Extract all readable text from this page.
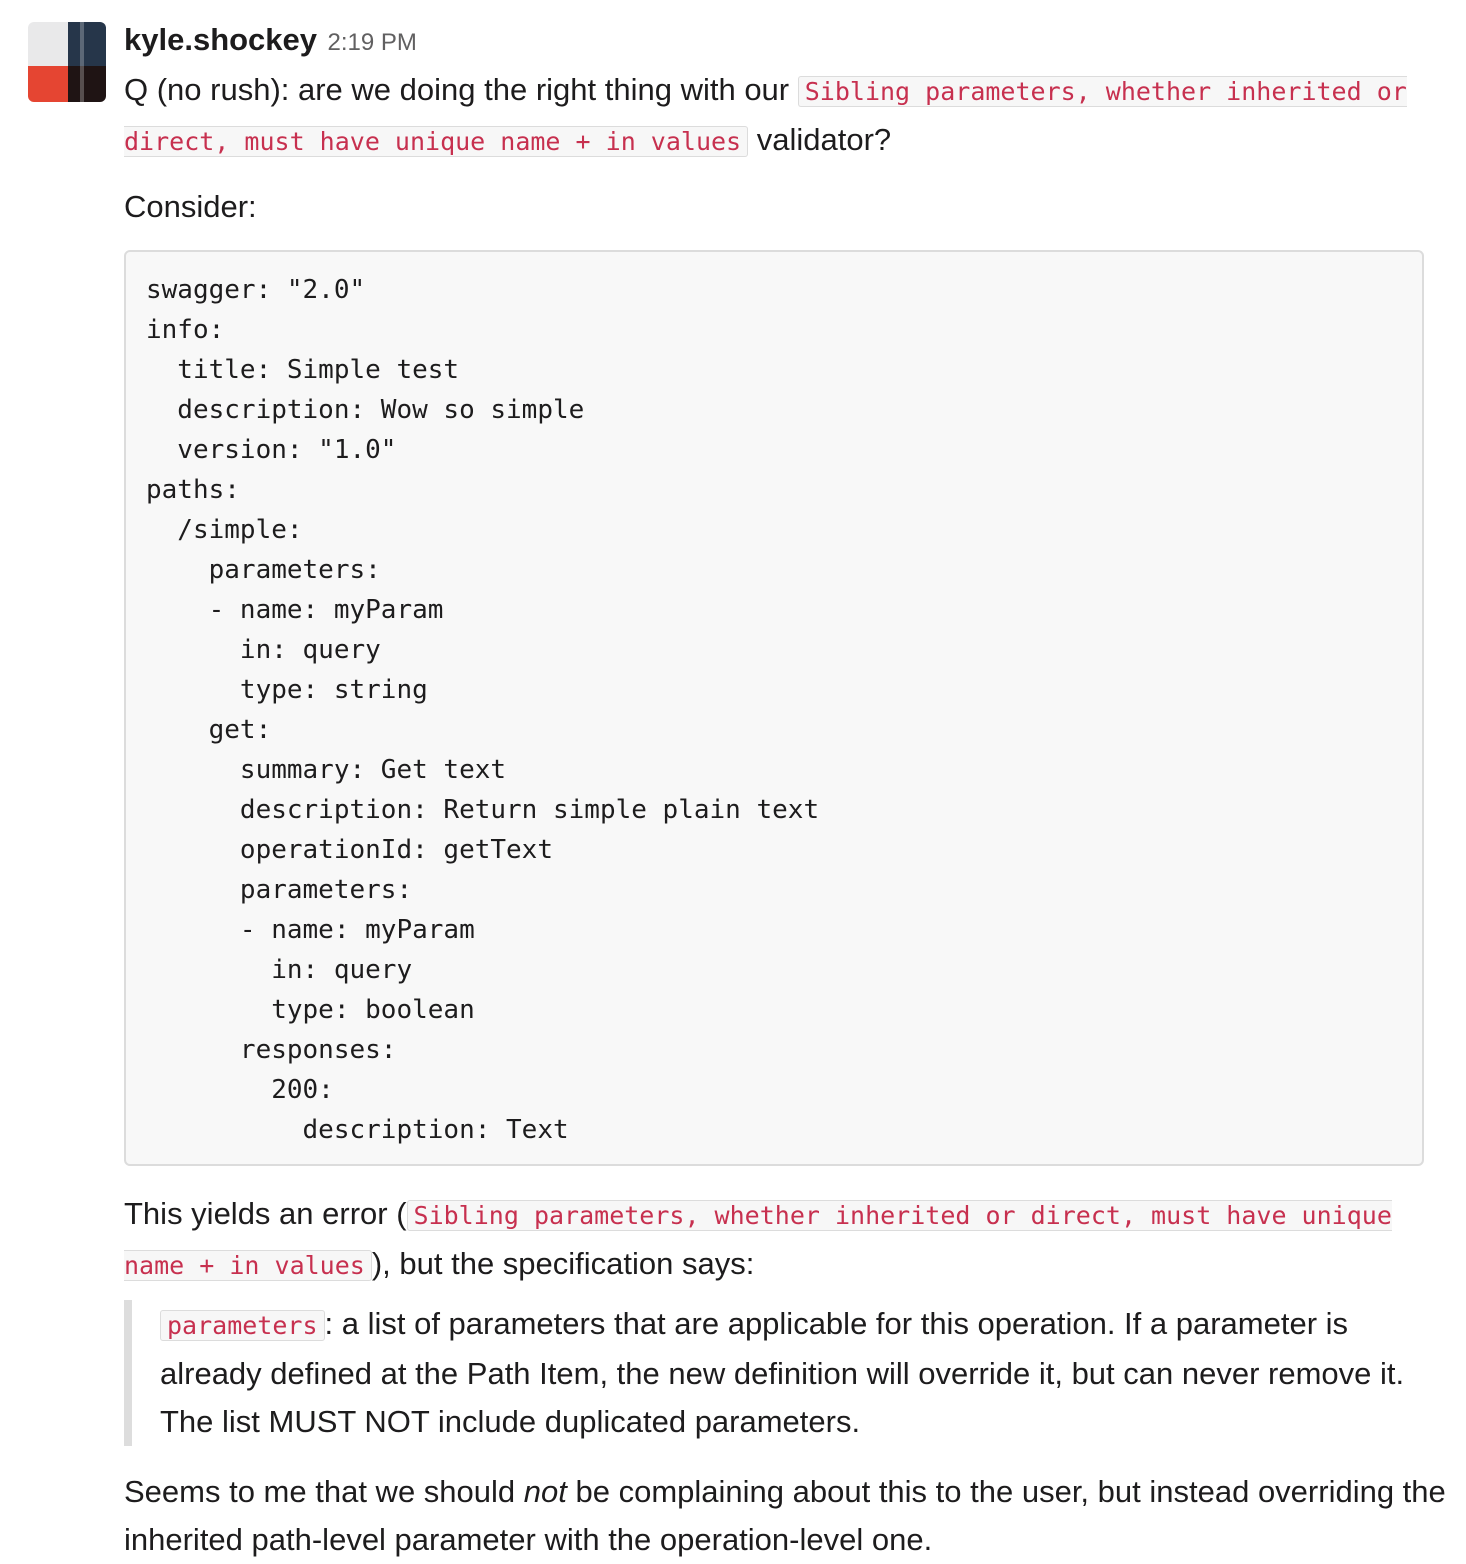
kyle.shockey 2:19 PM

Q (no rush): are we doing the right thing with our Sibling parameters, whether inherited or direct, must have unique name + in values validator?

Consider:

swagger: "2.0"
info:
title: Simple test
description: Wow so simple
version: "1.0"
paths:
/simple:
parameters:
- name: myParam
in: query
type: string
get:
summary: Get text
description: Return simple plain text
operationId: getText
parameters:
- name: myParam
in: query
type: boolean
responses:
200:
description: Text

This yields an error ( Sibling parameters, whether inherited or direct, must have unique name + in values ), but the specification says:

parameters : a list of parameters that are applicable for this operation. If a parameter is already defined at the Path Item, the new definition will override it, but can never remove it. The list MUST NOT include duplicated parameters.

Seems to me that we should not be complaining about this to the user, but instead overriding the inherited path-level parameter with the operation-level one.
